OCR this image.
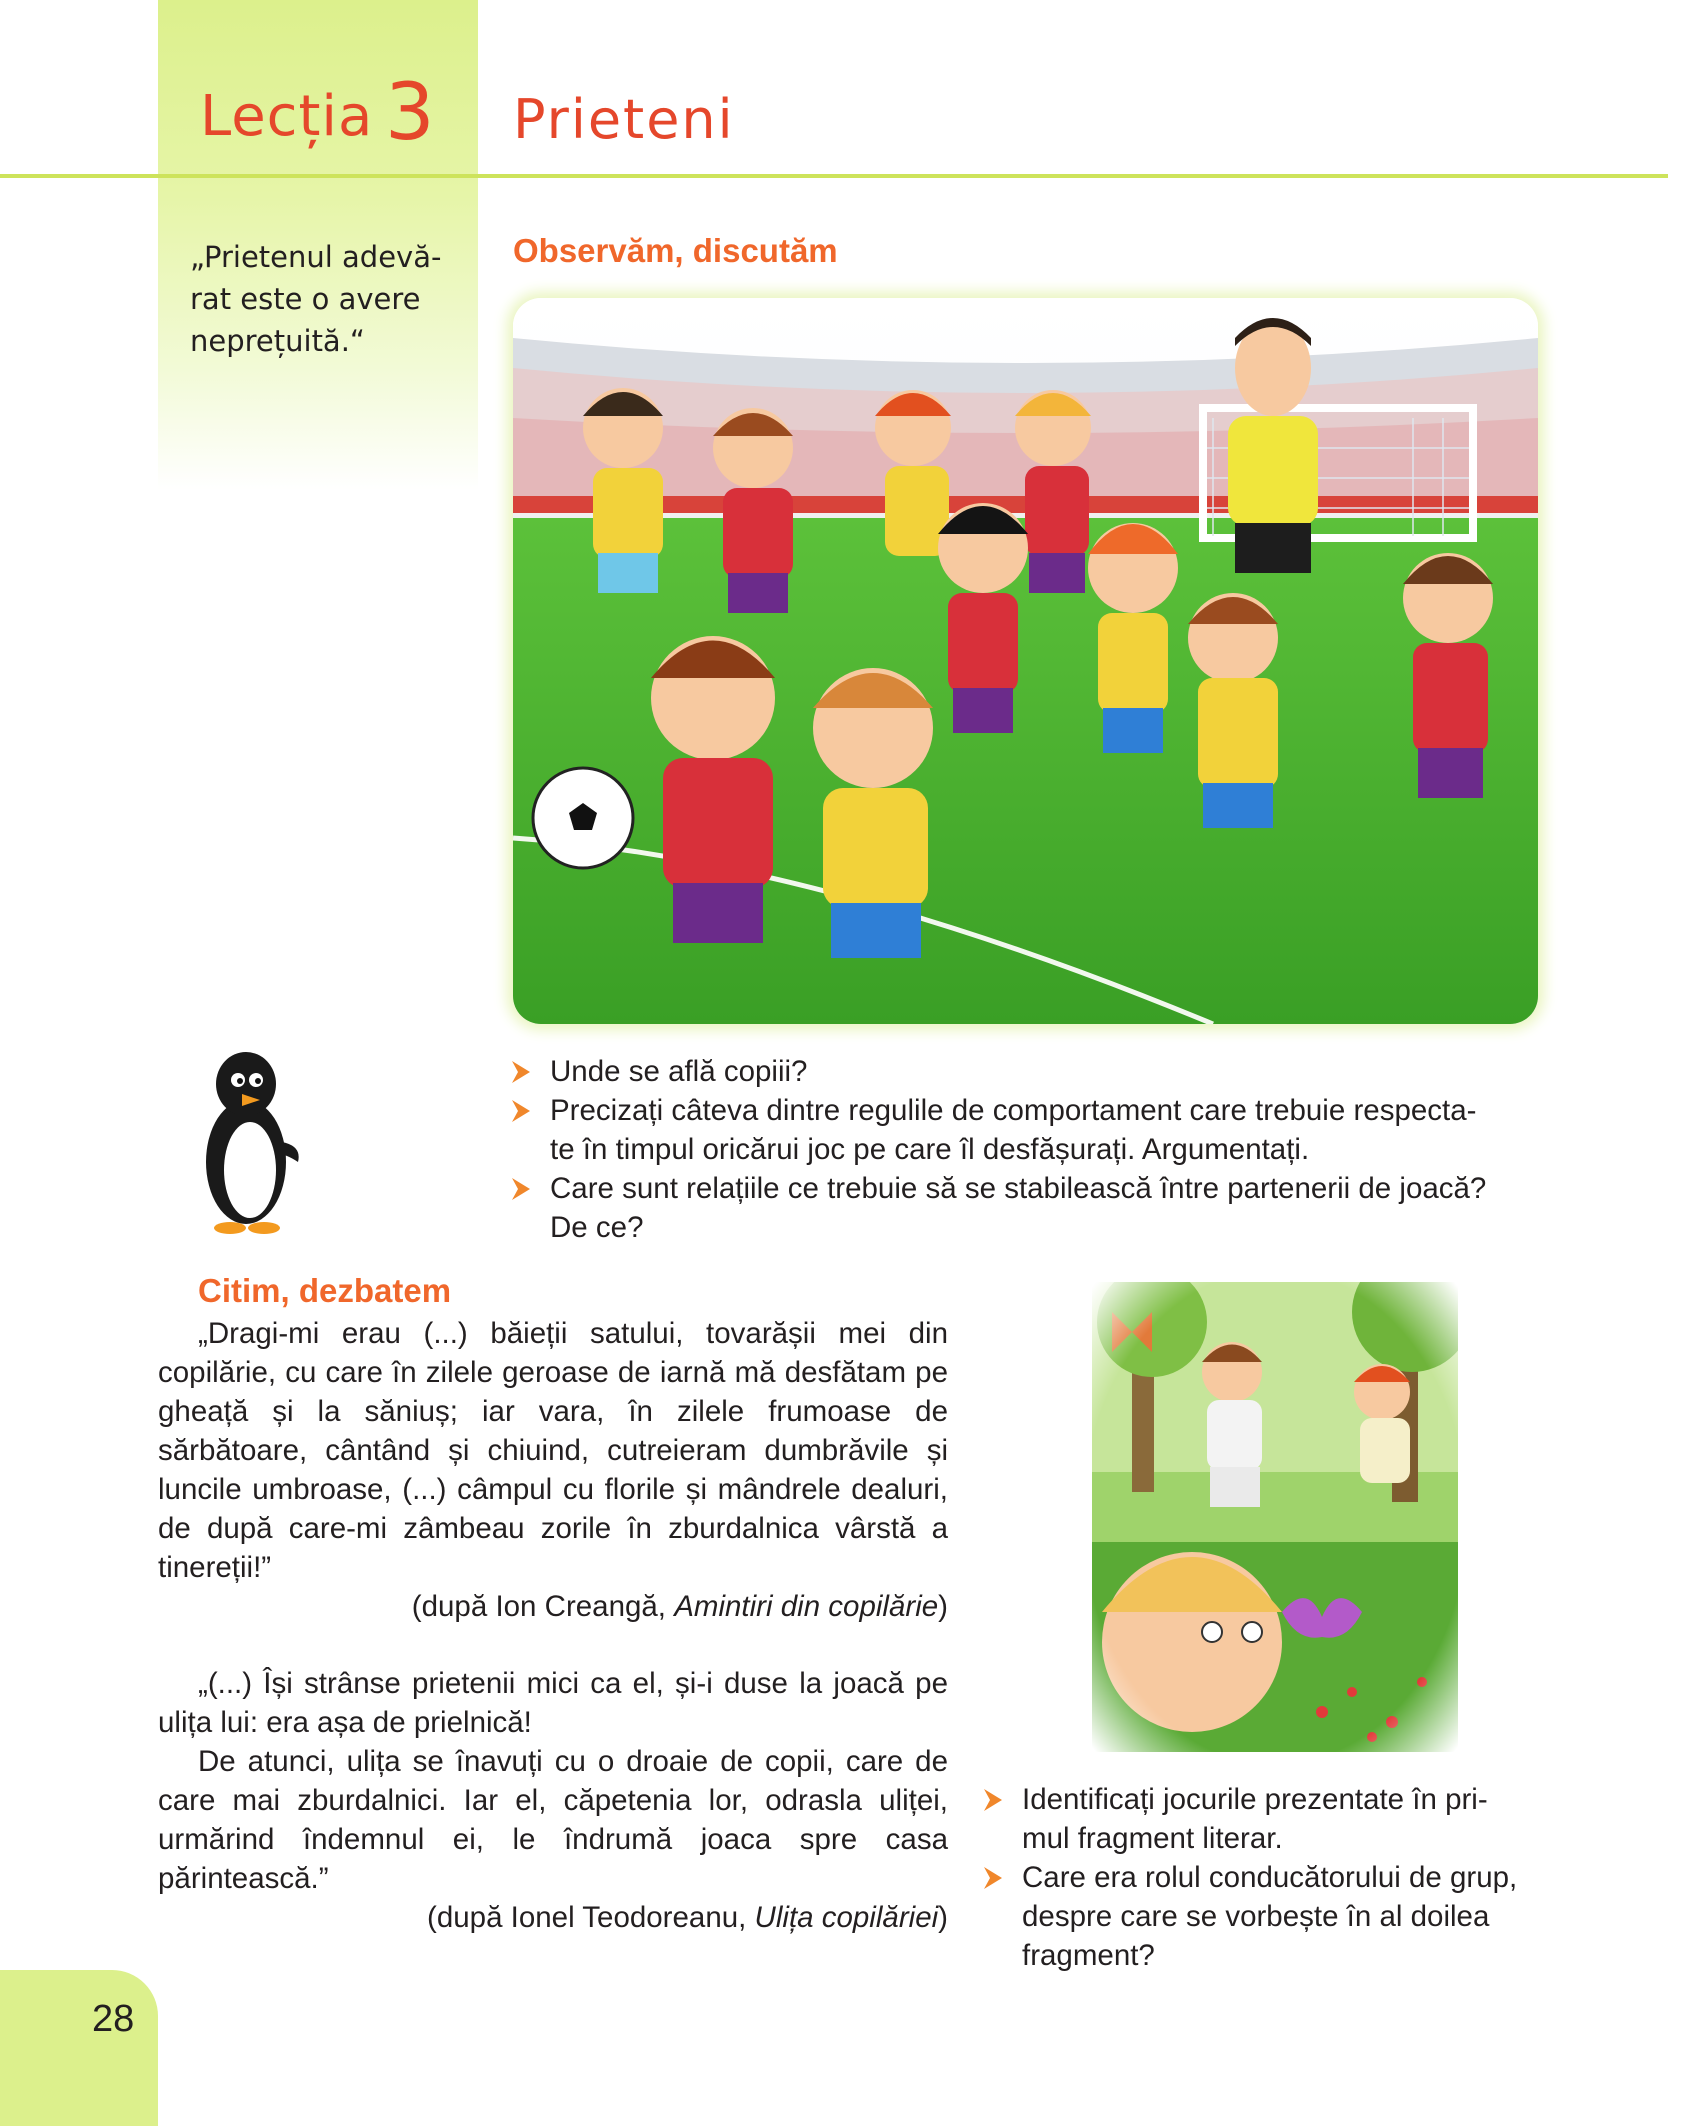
Lecția 3 Prieteni
„Prietenul adevă-
rat este o avere
neprețuită.“
Observăm, discutăm
Unde se află copiii?
Precizați câteva dintre regulile de comportament care trebuie respecta-
te în timpul oricărui joc pe care îl desfășurați. Argumentați.
Care sunt relațiile ce trebuie să se stabilească între partenerii de joacă?
De ce?
Citim, dezbatem

„Dragi-mi erau (...) băieții satului, tovarășii mei din copilărie, cu care în zilele geroase de iarnă mă desfătam pe gheață și la săniuș; iar vara, în zilele frumoase de sărbătoare, cântând și chiuind, cutreieram dumbrăvile și luncile umbroase, (...) câmpul cu florile și mândrele dealuri, de după care-mi zâmbeau zorile în zburdalnica vârstă a tinereții!”

(după Ion Creangă, Amintiri din copilărie)

„(...) Își strânse prietenii mici ca el, și-i duse la joacă pe ulița lui: era așa de prielnică!

De atunci, ulița se înavuți cu o droaie de copii, care de care mai zburdalnici. Iar el, căpetenia lor, odrasla uliței, urmărind îndemnul ei, le îndrumă joaca spre casa părintească.”

(după Ionel Teodoreanu, Ulița copilăriei)
Identificați jocurile prezentate în pri-
mul fragment literar.
Care era rolul conducătorului de grup,
despre care se vorbește în al doilea
fragment?
28
